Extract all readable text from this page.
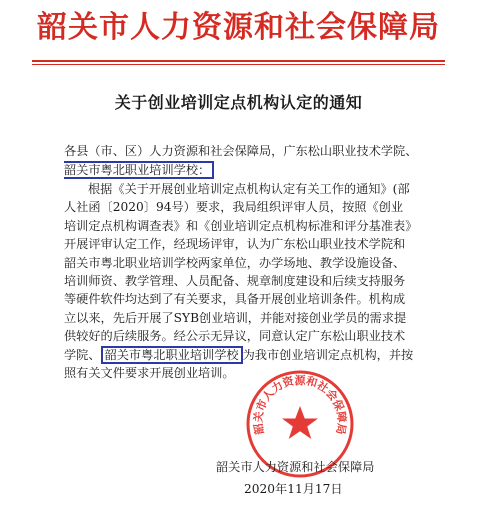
韶关市人力资源和社会保障局
关于创业培训定点机构认定的通知
各县（市、区）人力资源和社会保障局，广东松山职业技术学院、
韶关市粤北职业培训学校：
根据《关于开展创业培训定点机构认定有关工作的通知》(部
人社函〔2020〕94号）要求，我局组织评审人员，按照《创业
培训定点机构调查表》和《创业培训定点机构标准和评分基准表》
开展评审认定工作，经现场评审，认为广东松山职业技术学院和
韶关市粤北职业培训学校两家单位，办学场地、教学设施设备、
培训师资、教学管理、人员配备、规章制度建设和后续支持服务
等硬件软件均达到了有关要求，具备开展创业培训条件。机构成
立以来，先后开展了SYB创业培训，并能对接创业学员的需求提
供较好的后续服务。经公示无异议，同意认定广东松山职业技术
学院、 韶关市粤北职业培训学校 为我市创业培训定点机构，并按
照有关文件要求开展创业培训。
韶关市人力资源和社会保障局
韶关市人力资源和社会保障局
2020年11月17日
